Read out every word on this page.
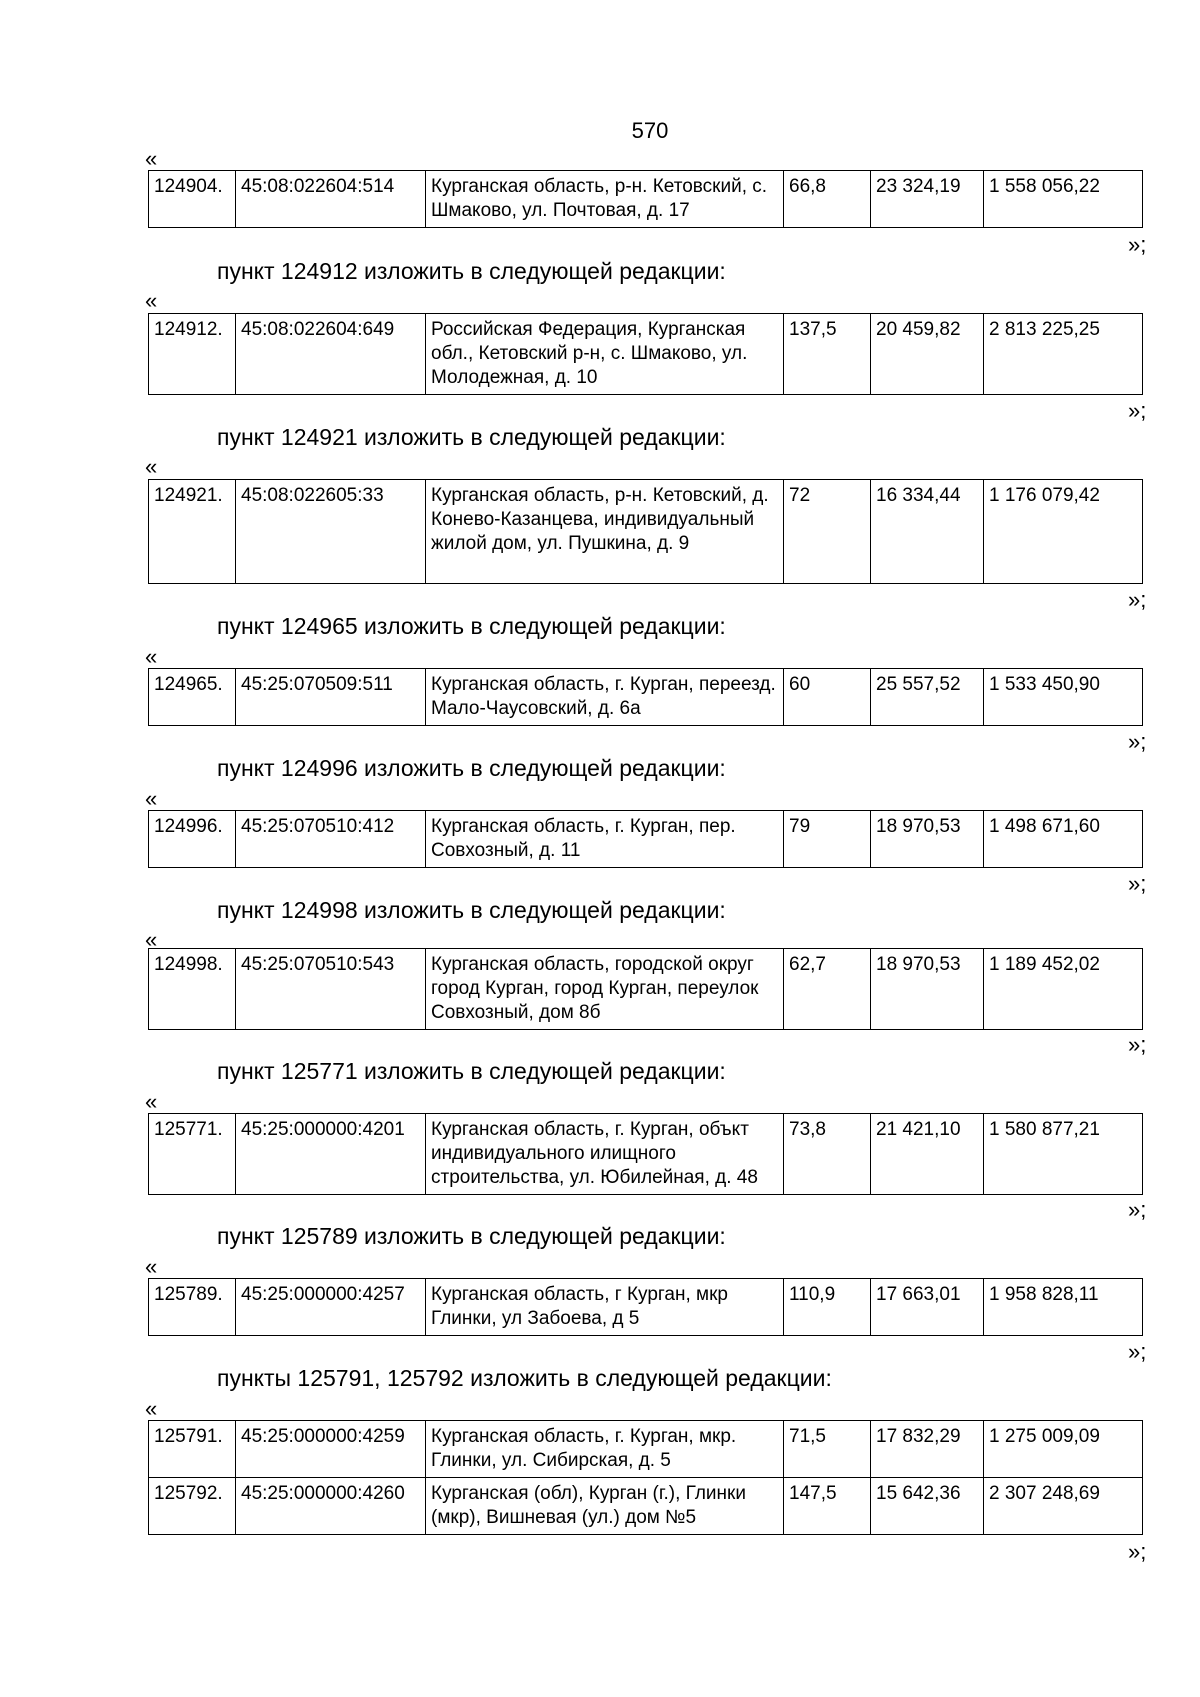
570
«
124904.	45:08:022604:514	Курганская область, р-н. Кетовский, с. Шмаково, ул. Почтовая, д. 17	66,8	23 324,19	1 558 056,22
»;
пункт 124912 изложить в следующей редакции:
«
124912.	45:08:022604:649	Российская Федерация, Курганская обл., Кетовский р-н, с. Шмаково, ул. Молодежная, д. 10	137,5	20 459,82	2 813 225,25
»;
пункт 124921 изложить в следующей редакции:
«
124921.	45:08:022605:33	Курганская область, р-н. Кетовский, д. Конево-Казанцева, индивидуальный жилой дом, ул. Пушкина, д. 9	72	16 334,44	1 176 079,42
»;
пункт 124965 изложить в следующей редакции:
«
124965.	45:25:070509:511	Курганская область, г. Курган, переезд. Мало-Чаусовский, д. 6а	60	25 557,52	1 533 450,90
»;
пункт 124996 изложить в следующей редакции:
«
124996.	45:25:070510:412	Курганская область, г. Курган, пер. Совхозный, д. 11	79	18 970,53	1 498 671,60
»;
пункт 124998 изложить в следующей редакции:
«
124998.	45:25:070510:543	Курганская область, городской округ город Курган, город Курган, переулок Совхозный, дом 8б	62,7	18 970,53	1 189 452,02
»;
пункт 125771 изложить в следующей редакции:
«
125771.	45:25:000000:4201	Курганская область, г. Курган, объкт индивидуального илищного строительства, ул. Юбилейная, д. 48	73,8	21 421,10	1 580 877,21
»;
пункт 125789 изложить в следующей редакции:
«
125789.	45:25:000000:4257	Курганская область, г Курган, мкр Глинки, ул Забоева, д 5	110,9	17 663,01	1 958 828,11
»;
пункты 125791, 125792 изложить в следующей редакции:
«
125791.	45:25:000000:4259	Курганская область, г. Курган, мкр. Глинки, ул. Сибирская, д. 5	71,5	17 832,29	1 275 009,09
125792.	45:25:000000:4260	Курганская (обл), Курган (г.), Глинки (мкр), Вишневая (ул.) дом №5	147,5	15 642,36	2 307 248,69
»;
